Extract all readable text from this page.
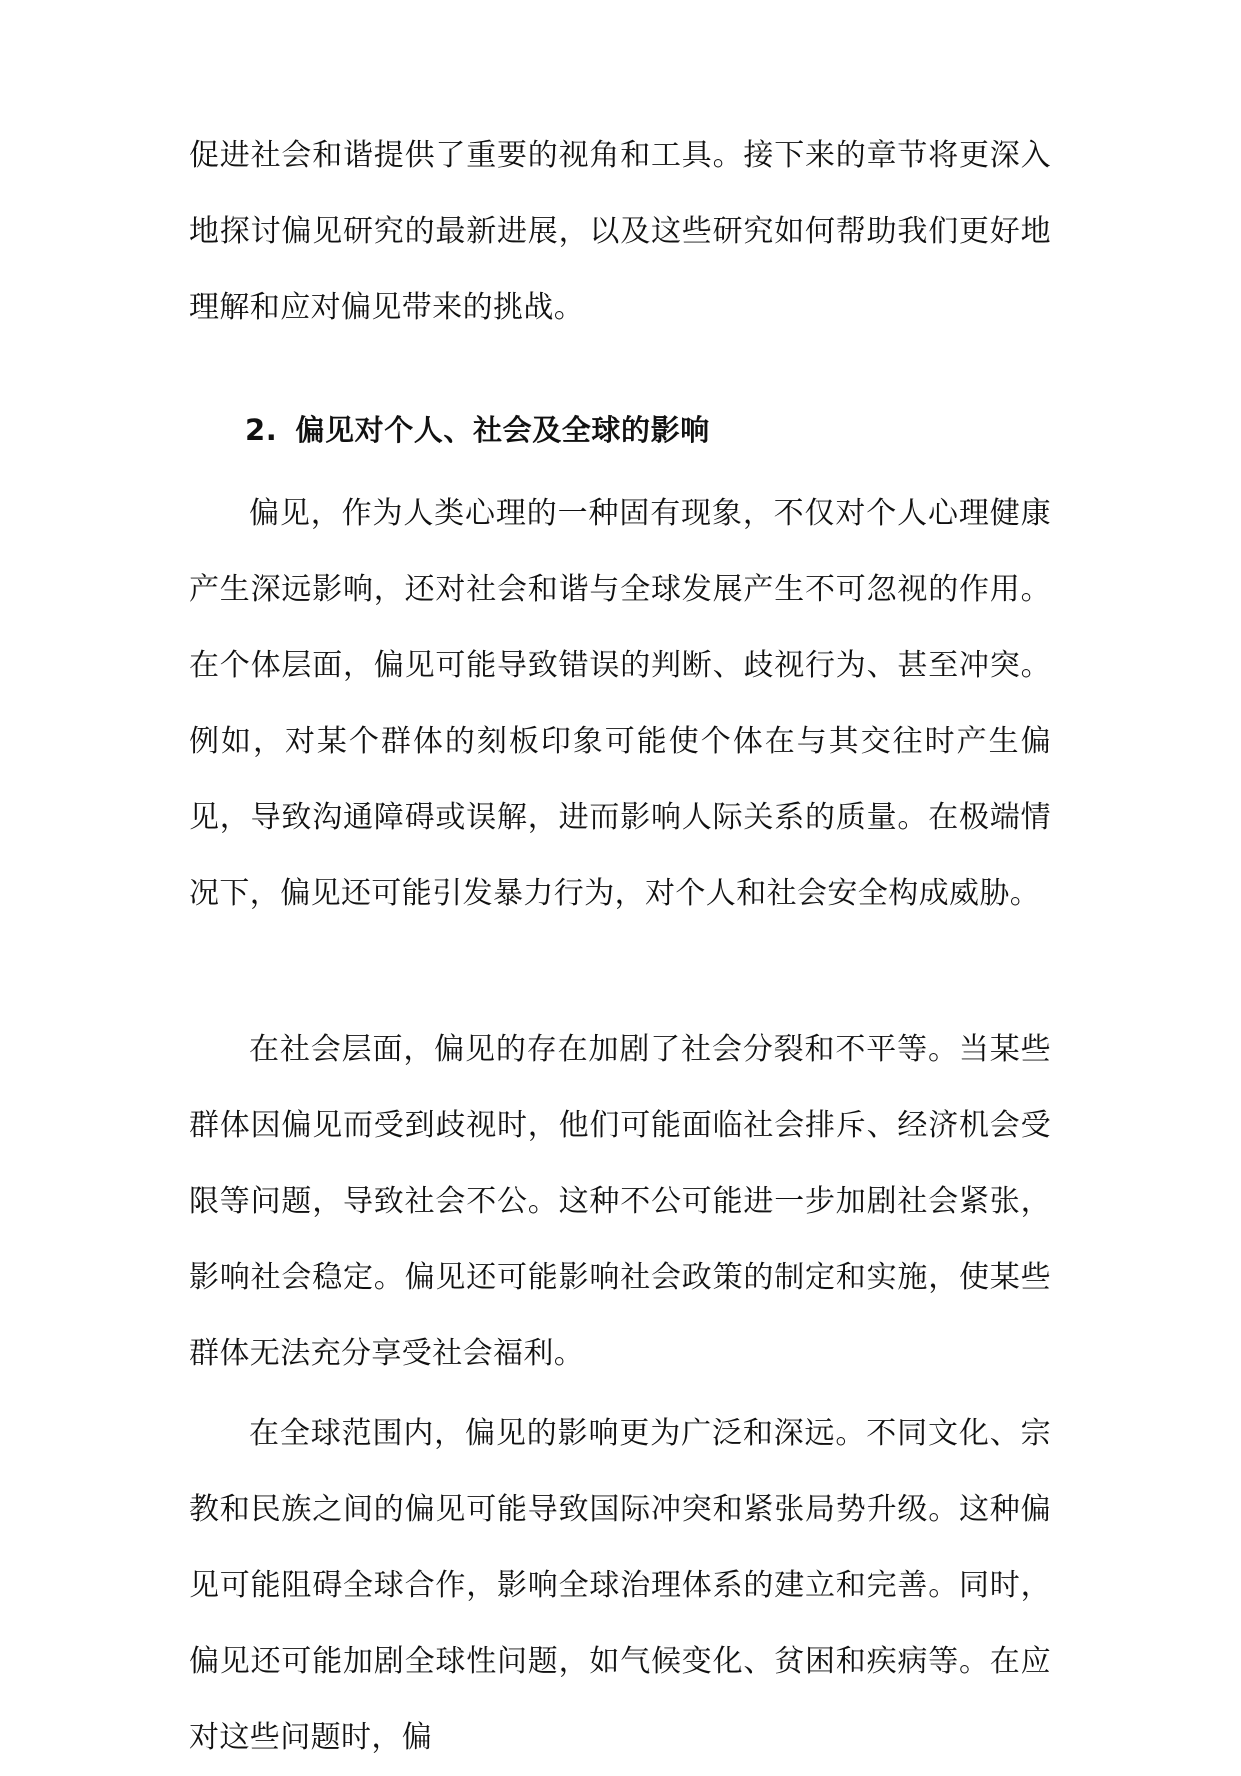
促进社会和谐提供了重要的视角和工具。接下来的章节将更深入地探讨偏见研究的最新进展，以及这些研究如何帮助我们更好地理解和应对偏见带来的挑战。

2. 偏见对个人、社会及全球的影响

偏见，作为人类心理的一种固有现象，不仅对个人心理健康产生深远影响，还对社会和谐与全球发展产生不可忽视的作用。在个体层面，偏见可能导致错误的判断、歧视行为、甚至冲突。例如，对某个群体的刻板印象可能使个体在与其交往时产生偏见，导致沟通障碍或误解，进而影响人际关系的质量。在极端情况下，偏见还可能引发暴力行为，对个人和社会安全构成威胁。

在社会层面，偏见的存在加剧了社会分裂和不平等。当某些群体因偏见而受到歧视时，他们可能面临社会排斥、经济机会受限等问题，导致社会不公。这种不公可能进一步加剧社会紧张，影响社会稳定。偏见还可能影响社会政策的制定和实施，使某些群体无法充分享受社会福利。

在全球范围内，偏见的影响更为广泛和深远。不同文化、宗教和民族之间的偏见可能导致国际冲突和紧张局势升级。这种偏见可能阻碍全球合作，影响全球治理体系的建立和完善。同时，偏见还可能加剧全球性问题，如气候变化、贫困和疾病等。在应对这些问题时，偏
